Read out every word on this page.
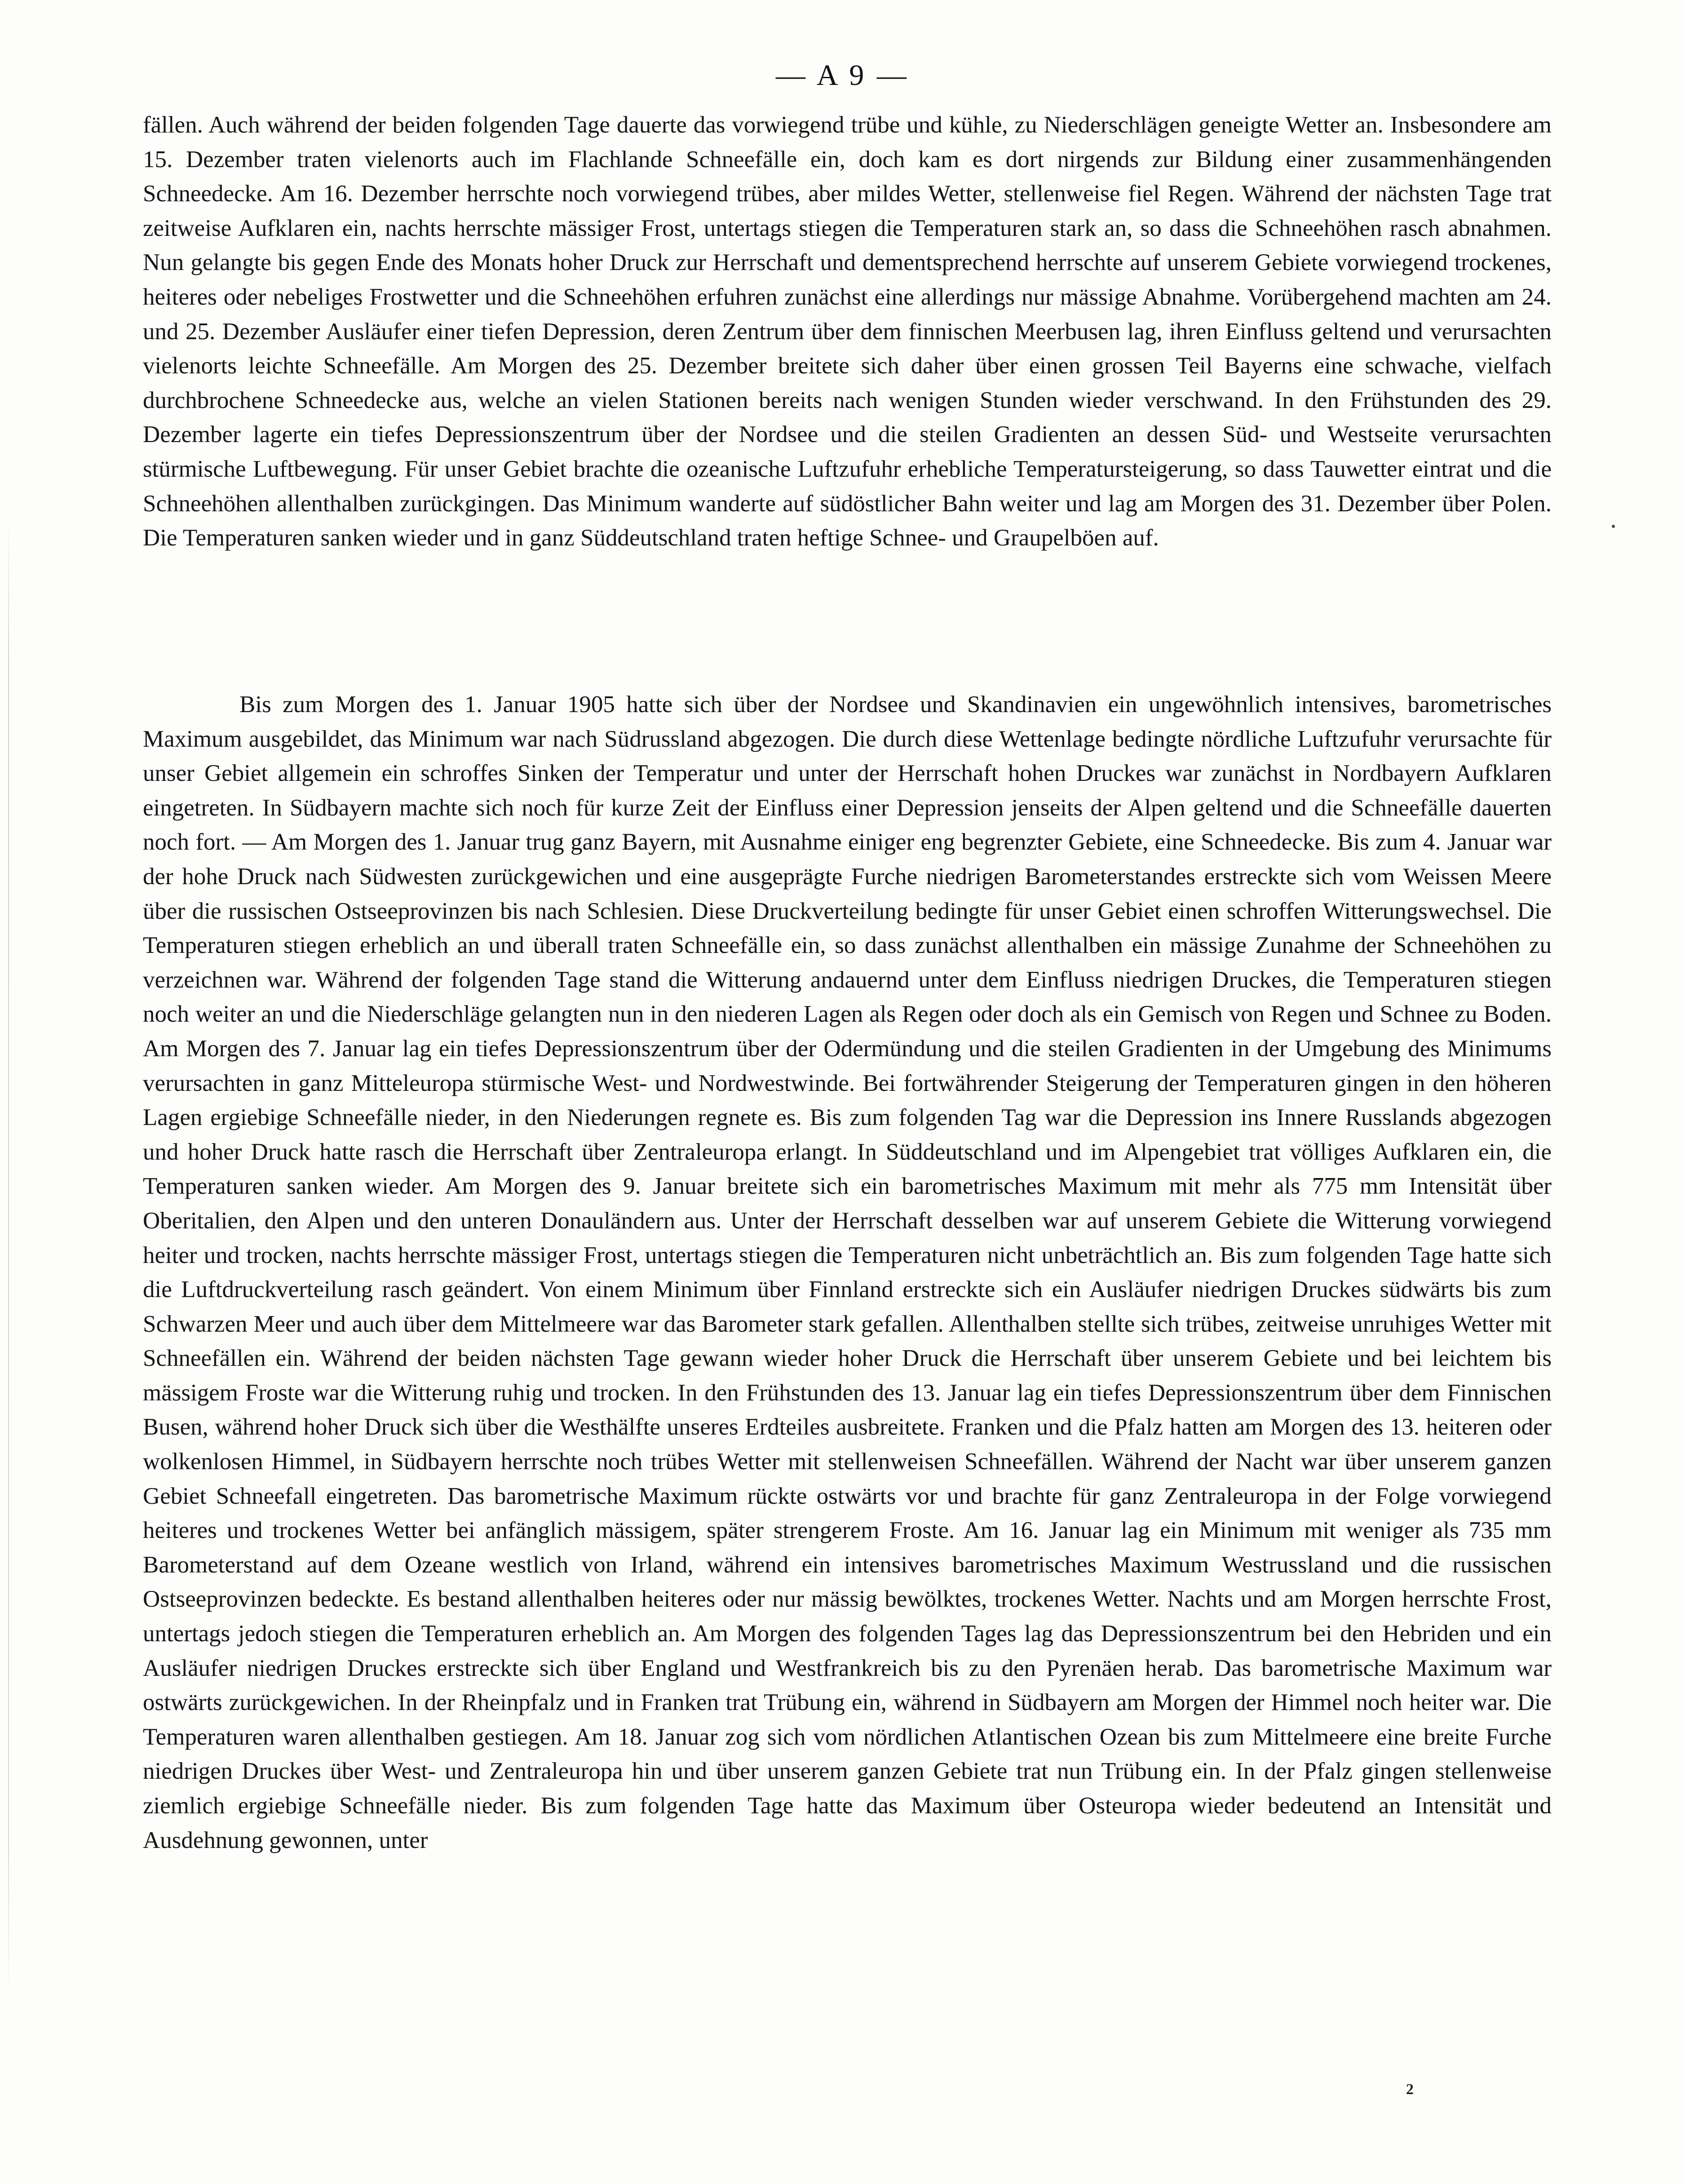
— A 9 —

fällen. Auch während der beiden folgenden Tage dauerte das vorwiegend trübe und kühle, zu Niederschlägen geneigte Wetter an. Insbesondere am 15. Dezember traten vielenorts auch im Flachlande Schneefälle ein, doch kam es dort nirgends zur Bildung einer zusammenhängenden Schneedecke. Am 16. Dezember herrschte noch vorwiegend trübes, aber mildes Wetter, stellenweise fiel Regen. Während der nächsten Tage trat zeitweise Aufklaren ein, nachts herrschte mässiger Frost, untertags stiegen die Temperaturen stark an, so dass die Schneehöhen rasch abnahmen. Nun gelangte bis gegen Ende des Monats hoher Druck zur Herrschaft und dementsprechend herrschte auf unserem Gebiete vorwiegend trockenes, heiteres oder nebeliges Frostwetter und die Schneehöhen erfuhren zunächst eine allerdings nur mässige Abnahme. Vorübergehend machten am 24. und 25. Dezember Ausläufer einer tiefen Depression, deren Zentrum über dem finnischen Meerbusen lag, ihren Einfluss geltend und verursachten vielenorts leichte Schneefälle. Am Morgen des 25. Dezember breitete sich daher über einen grossen Teil Bayerns eine schwache, vielfach durchbrochene Schneedecke aus, welche an vielen Stationen bereits nach wenigen Stunden wieder verschwand. In den Frühstunden des 29. Dezember lagerte ein tiefes Depressionszentrum über der Nordsee und die steilen Gradienten an dessen Süd- und Westseite verursachten stürmische Luftbewegung. Für unser Gebiet brachte die ozeanische Luftzufuhr erhebliche Temperatursteigerung, so dass Tauwetter eintrat und die Schneehöhen allenthalben zurückgingen. Das Minimum wanderte auf südöstlicher Bahn weiter und lag am Morgen des 31. Dezember über Polen. Die Temperaturen sanken wieder und in ganz Süddeutschland traten heftige Schnee- und Graupelböen auf.

Bis zum Morgen des 1. Januar 1905 hatte sich über der Nordsee und Skandinavien ein ungewöhnlich intensives, barometrisches Maximum ausgebildet, das Minimum war nach Südrussland abgezogen. Die durch diese Wettenlage bedingte nördliche Luftzufuhr verursachte für unser Gebiet allgemein ein schroffes Sinken der Temperatur und unter der Herrschaft hohen Druckes war zunächst in Nordbayern Aufklaren eingetreten. In Südbayern machte sich noch für kurze Zeit der Einfluss einer Depression jenseits der Alpen geltend und die Schneefälle dauerten noch fort. — Am Morgen des 1. Januar trug ganz Bayern, mit Ausnahme einiger eng begrenzter Gebiete, eine Schneedecke. Bis zum 4. Januar war der hohe Druck nach Südwesten zurückgewichen und eine ausgeprägte Furche niedrigen Barometerstandes erstreckte sich vom Weissen Meere über die russischen Ostseeprovinzen bis nach Schlesien. Diese Druckverteilung bedingte für unser Gebiet einen schroffen Witterungswechsel. Die Temperaturen stiegen erheblich an und überall traten Schneefälle ein, so dass zunächst allenthalben ein mässige Zunahme der Schneehöhen zu verzeichnen war. Während der folgenden Tage stand die Witterung andauernd unter dem Einfluss niedrigen Druckes, die Temperaturen stiegen noch weiter an und die Niederschläge gelangten nun in den niederen Lagen als Regen oder doch als ein Gemisch von Regen und Schnee zu Boden. Am Morgen des 7. Januar lag ein tiefes Depressionszentrum über der Odermündung und die steilen Gradienten in der Umgebung des Minimums verursachten in ganz Mitteleuropa stürmische West- und Nordwestwinde. Bei fortwährender Steigerung der Temperaturen gingen in den höheren Lagen ergiebige Schneefälle nieder, in den Niederungen regnete es. Bis zum folgenden Tag war die Depression ins Innere Russlands abgezogen und hoher Druck hatte rasch die Herrschaft über Zentraleuropa erlangt. In Süddeutschland und im Alpengebiet trat völliges Aufklaren ein, die Temperaturen sanken wieder. Am Morgen des 9. Januar breitete sich ein barometrisches Maximum mit mehr als 775 mm Intensität über Oberitalien, den Alpen und den unteren Donauländern aus. Unter der Herrschaft desselben war auf unserem Gebiete die Witterung vorwiegend heiter und trocken, nachts herrschte mässiger Frost, untertags stiegen die Temperaturen nicht unbeträchtlich an. Bis zum folgenden Tage hatte sich die Luftdruckverteilung rasch geändert. Von einem Minimum über Finnland erstreckte sich ein Ausläufer niedrigen Druckes südwärts bis zum Schwarzen Meer und auch über dem Mittelmeere war das Barometer stark gefallen. Allenthalben stellte sich trübes, zeitweise unruhiges Wetter mit Schneefällen ein. Während der beiden nächsten Tage gewann wieder hoher Druck die Herrschaft über unserem Gebiete und bei leichtem bis mässigem Froste war die Witterung ruhig und trocken. In den Frühstunden des 13. Januar lag ein tiefes Depressionszentrum über dem Finnischen Busen, während hoher Druck sich über die Westhälfte unseres Erdteiles ausbreitete. Franken und die Pfalz hatten am Morgen des 13. heiteren oder wolkenlosen Himmel, in Südbayern herrschte noch trübes Wetter mit stellenweisen Schneefällen. Während der Nacht war über unserem ganzen Gebiet Schneefall eingetreten. Das barometrische Maximum rückte ostwärts vor und brachte für ganz Zentraleuropa in der Folge vorwiegend heiteres und trockenes Wetter bei anfänglich mässigem, später strengerem Froste. Am 16. Januar lag ein Minimum mit weniger als 735 mm Barometerstand auf dem Ozeane westlich von Irland, während ein intensives barometrisches Maximum Westrussland und die russischen Ostseeprovinzen bedeckte. Es bestand allenthalben heiteres oder nur mässig bewölktes, trockenes Wetter. Nachts und am Morgen herrschte Frost, untertags jedoch stiegen die Temperaturen erheblich an. Am Morgen des folgenden Tages lag das Depressionszentrum bei den Hebriden und ein Ausläufer niedrigen Druckes erstreckte sich über England und Westfrankreich bis zu den Pyrenäen herab. Das barometrische Maximum war ostwärts zurückgewichen. In der Rheinpfalz und in Franken trat Trübung ein, während in Südbayern am Morgen der Himmel noch heiter war. Die Temperaturen waren allenthalben gestiegen. Am 18. Januar zog sich vom nördlichen Atlantischen Ozean bis zum Mittelmeere eine breite Furche niedrigen Druckes über West- und Zentraleuropa hin und über unserem ganzen Gebiete trat nun Trübung ein. In der Pfalz gingen stellenweise ziemlich ergiebige Schneefälle nieder. Bis zum folgenden Tage hatte das Maximum über Osteuropa wieder bedeutend an Intensität und Ausdehnung gewonnen, unter

2
